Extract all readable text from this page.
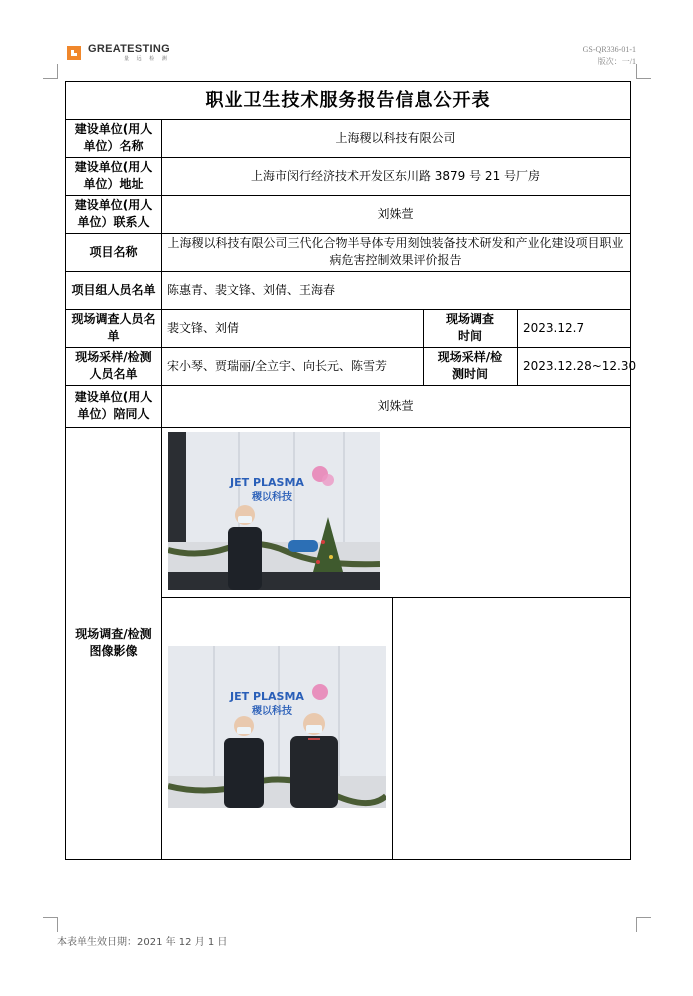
GREATESTING
量 远 检 测
GS-QR336-01-1
版次：一/1
职业卫生技术服务报告信息公开表
建设单位(用人单位）名称
上海稷以科技有限公司
建设单位(用人单位）地址
上海市闵行经济技术开发区东川路 3879 号 21 号厂房
建设单位(用人单位）联系人
刘姝萱
项目名称
上海稷以科技有限公司三代化合物半导体专用刻蚀装备技术研发和产业化建设项目职业病危害控制效果评价报告
项目组人员名单 陈惠青、裴文锋、刘倩、王海春
现场调查人员名单
裴文锋、刘倩
现场调查时间
2023.12.7
现场采样/检测人员名单
宋小琴、贾瑞丽/全立宇、向长元、陈雪芳
现场采样/检测时间
2023.12.28~12.30
建设单位(用人单位）陪同人
刘姝萱
现场调查/检测图像影像
JET PLASMA
稷以科技
JET PLASMA
稷以科技
本表单生效日期：2021 年 12 月 1 日
